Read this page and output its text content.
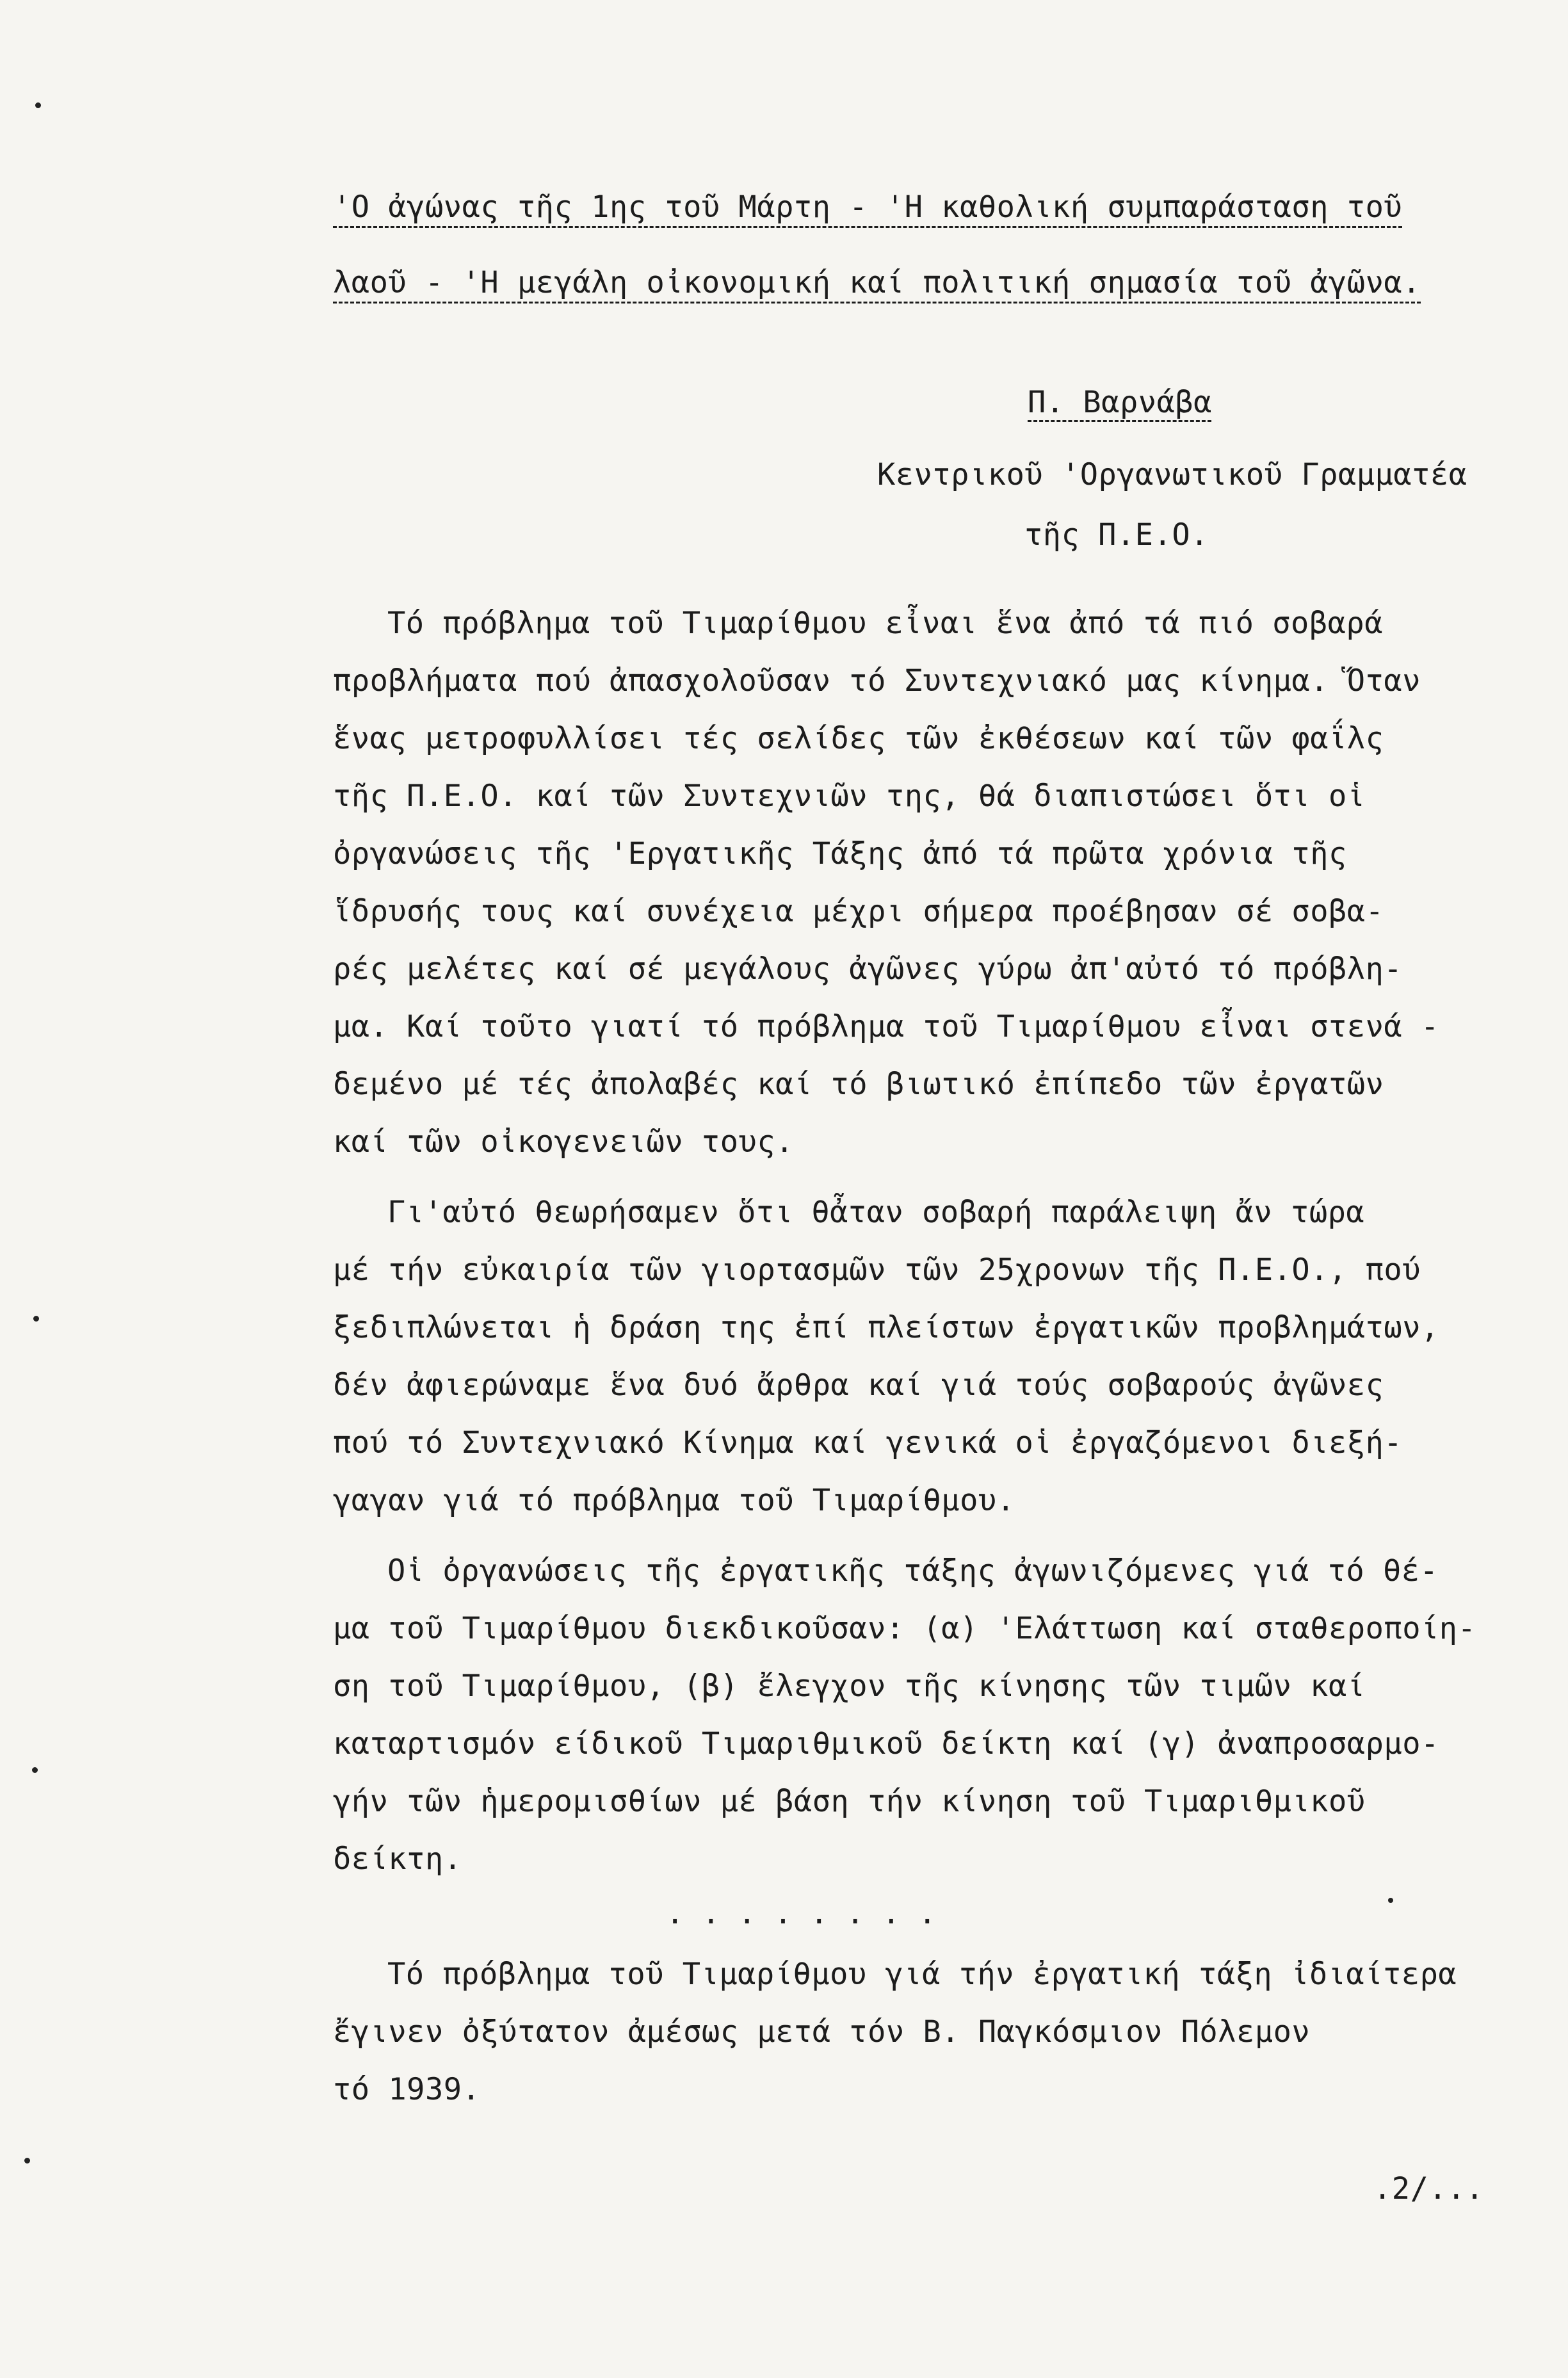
'Ο ἀγώνας τῆς 1ης τοῦ Μάρτη - 'Η καθολική συμπαράσταση τοῦ
λαοῦ - 'Η μεγάλη οἰκονομική καί πολιτική σημασία τοῦ ἀγῶνα.
Π. Βαρνάβα
Κεντρικοῦ 'Οργανωτικοῦ Γραμματέα
τῆς Π.Ε.Ο.
Τό πρόβλημα τοῦ Τιμαρίθμου εἶναι ἕνα ἀπό τά πιό σοβαρά
προβλήματα πού ἀπασχολοῦσαν τό Συντεχνιακό μας κίνημα. Ὅταν
ἕνας μετροφυλλίσει τές σελίδες τῶν ἐκθέσεων καί τῶν φαΐλς
τῆς Π.Ε.Ο. καί τῶν Συντεχνιῶν της, θά διαπιστώσει ὅτι οἱ
ὀργανώσεις τῆς 'Εργατικῆς Τάξης ἀπό τά πρῶτα χρόνια τῆς
ἵδρυσής τους καί συνέχεια μέχρι σήμερα προέβησαν σέ σοβα-
ρές μελέτες καί σέ μεγάλους ἀγῶνες γύρω ἀπ'αὐτό τό πρόβλη-
μα. Καί τοῦτο γιατί τό πρόβλημα τοῦ Τιμαρίθμου εἶναι στενά -
δεμένο μέ τές ἀπολαβές καί τό βιωτικό ἐπίπεδο τῶν ἐργατῶν
καί τῶν οἰκογενειῶν τους.
Γι'αὐτό θεωρήσαμεν ὅτι θἆταν σοβαρή παράλειψη ἄν τώρα
μέ τήν εὐκαιρία τῶν γιορτασμῶν τῶν 25χρονων τῆς Π.Ε.Ο., πού
ξεδιπλώνεται ἡ δράση της ἐπί πλείστων ἐργατικῶν προβλημάτων,
δέν ἀφιερώναμε ἕνα δυό ἄρθρα καί γιά τούς σοβαρούς ἀγῶνες
πού τό Συντεχνιακό Κίνημα καί γενικά οἱ ἐργαζόμενοι διεξή-
γαγαν γιά τό πρόβλημα τοῦ Τιμαρίθμου.
Οἱ ὀργανώσεις τῆς ἐργατικῆς τάξης ἀγωνιζόμενες γιά τό θέ-
μα τοῦ Τιμαρίθμου διεκδικοῦσαν: (α) 'Ελάττωση καί σταθεροποίη-
ση τοῦ Τιμαρίθμου, (β) ἔλεγχον τῆς κίνησης τῶν τιμῶν καί
καταρτισμόν είδικοῦ Τιμαριθμικοῦ δείκτη καί (γ) ἀναπροσαρμο-
γήν τῶν ἡμερομισθίων μέ βάση τήν κίνηση τοῦ Τιμαριθμικοῦ
δείκτη.
........
Τό πρόβλημα τοῦ Τιμαρίθμου γιά τήν ἐργατική τάξη ἰδιαίτερα
ἔγινεν ὀξύτατον ἀμέσως μετά τόν Β. Παγκόσμιον Πόλεμον
τό 1939.
.2/...
